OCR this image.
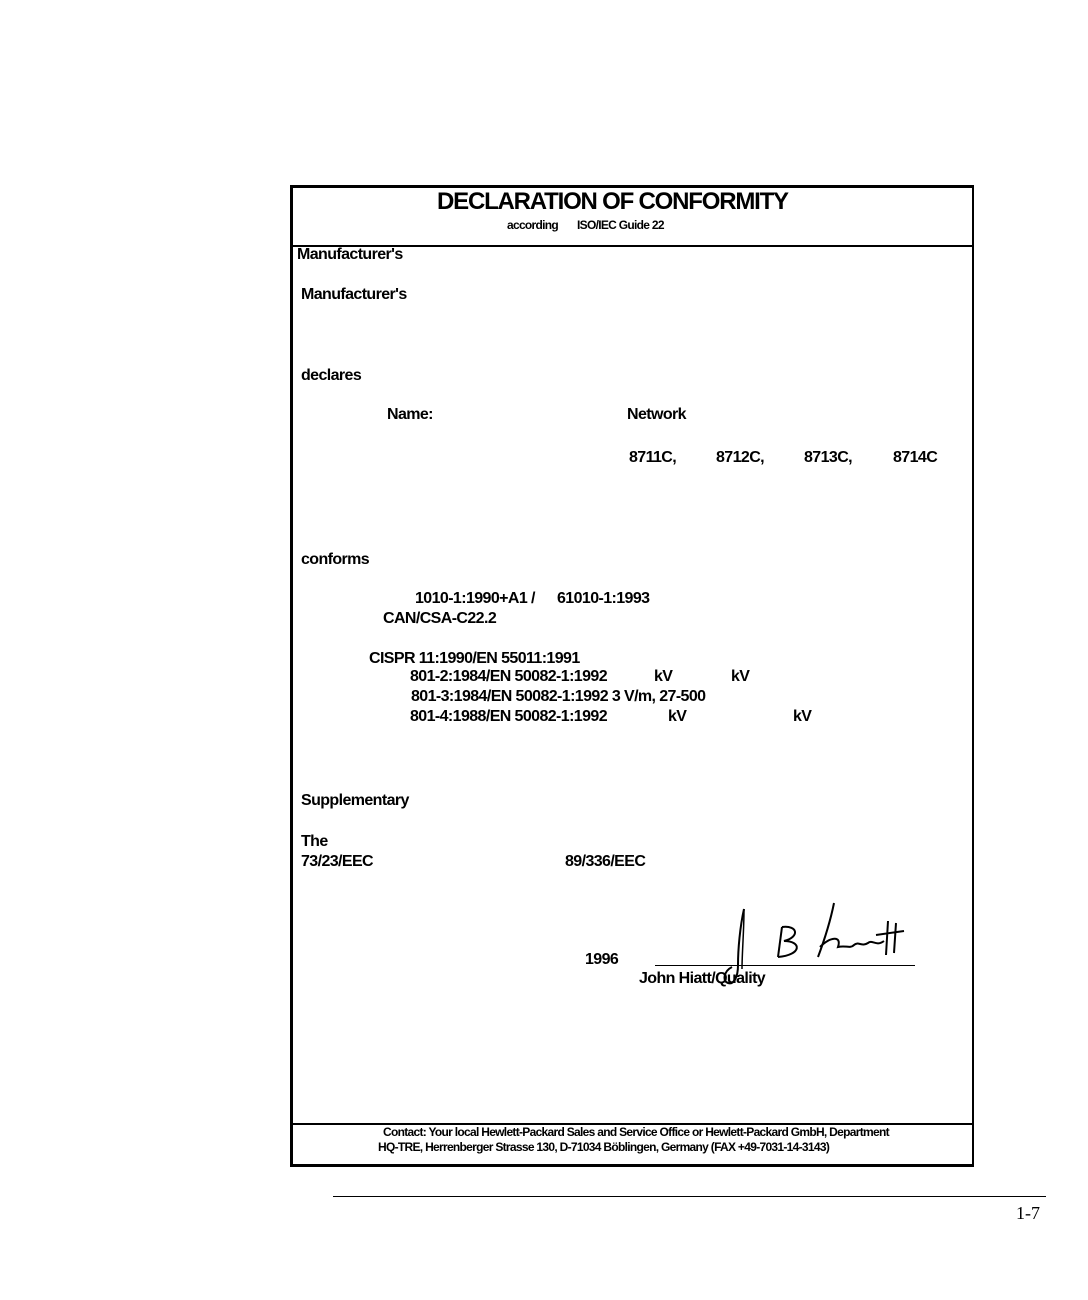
DECLARATION OF CONFORMITY
according ISO/IEC Guide 22
Manufacturer's
Manufacturer's
declares
Name:	Network
8711C, 8712C,	8713C,	8714C
conforms
1010-1:1990+A1 / 61010-1:1993
CAN/CSA-C22.2
CISPR 11:1990/EN 55011:1991
801-2:1984/EN 50082-1:1992	kV	kV
801-3:1984/EN 50082-1:1992 3 V/m, 27-500
801-4:1988/EN 50082-1:1992	kV	kV
Supplementary
The
73/23/EEC	89/336/EEC
1996
John Hiatt/Quality
Contact: Your local Hewlett-Packard Sales and Service Office or Hewlett-Packard GmbH, Department
HQ-TRE, Herrenberger Strasse 130, D-71034 Böblingen, Germany (FAX +49-7031-14-3143)
1-7
